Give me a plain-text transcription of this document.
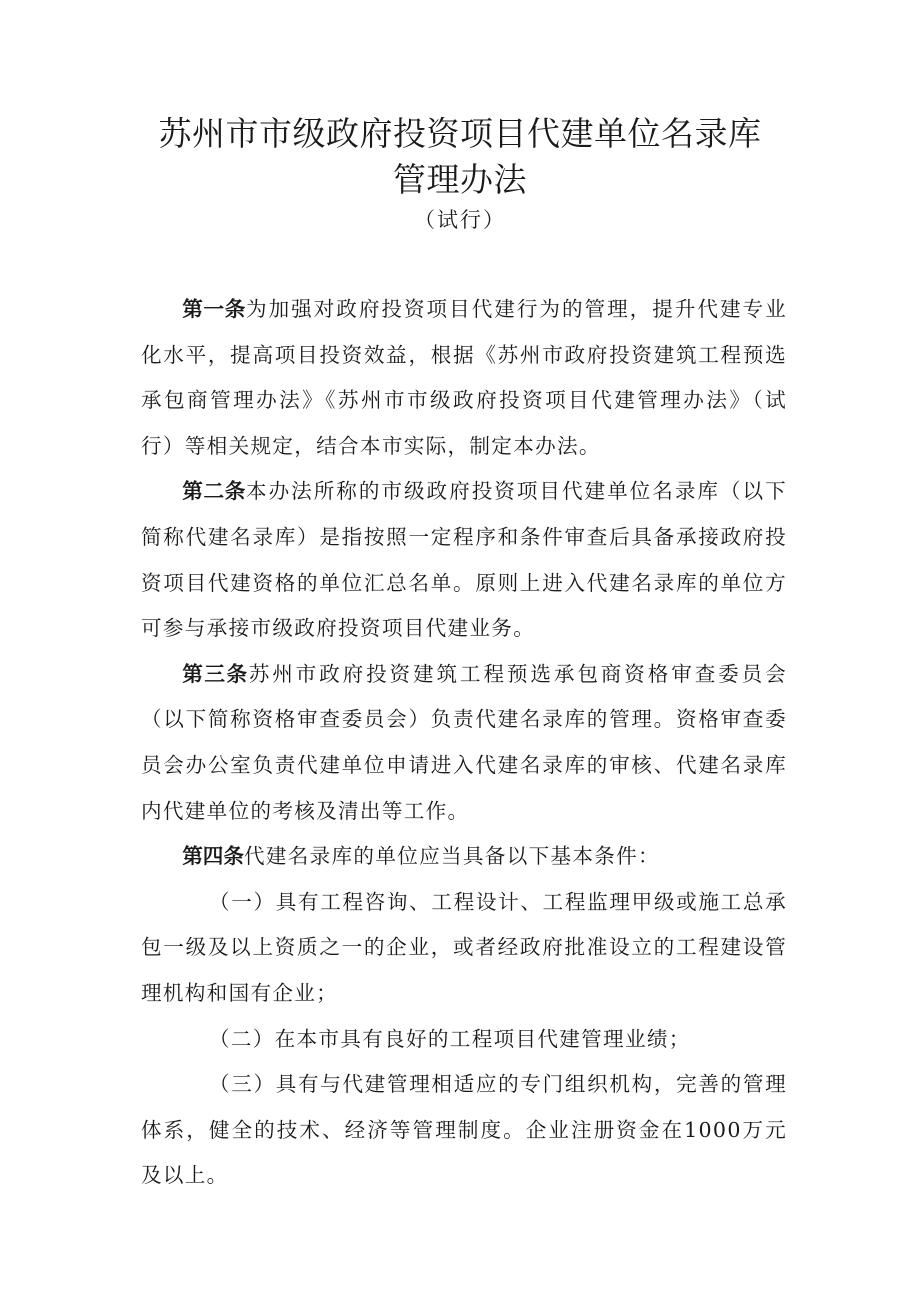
苏州市市级政府投资项目代建单位名录库
管理办法
（试行）

第一条为加强对政府投资项目代建行为的管理，提升代建专业化水平，提高项目投资效益，根据《苏州市政府投资建筑工程预选承包商管理办法》《苏州市市级政府投资项目代建管理办法》（试行）等相关规定，结合本市实际，制定本办法。

第二条本办法所称的市级政府投资项目代建单位名录库（以下简称代建名录库）是指按照一定程序和条件审查后具备承接政府投资项目代建资格的单位汇总名单。原则上进入代建名录库的单位方可参与承接市级政府投资项目代建业务。

第三条苏州市政府投资建筑工程预选承包商资格审查委员会（以下简称资格审查委员会）负责代建名录库的管理。资格审查委员会办公室负责代建单位申请进入代建名录库的审核、代建名录库内代建单位的考核及清出等工作。

第四条代建名录库的单位应当具备以下基本条件：

（一）具有工程咨询、工程设计、工程监理甲级或施工总承包一级及以上资质之一的企业，或者经政府批准设立的工程建设管理机构和国有企业；

（二）在本市具有良好的工程项目代建管理业绩；

（三）具有与代建管理相适应的专门组织机构，完善的管理体系，健全的技术、经济等管理制度。企业注册资金在1000万元及以上。
